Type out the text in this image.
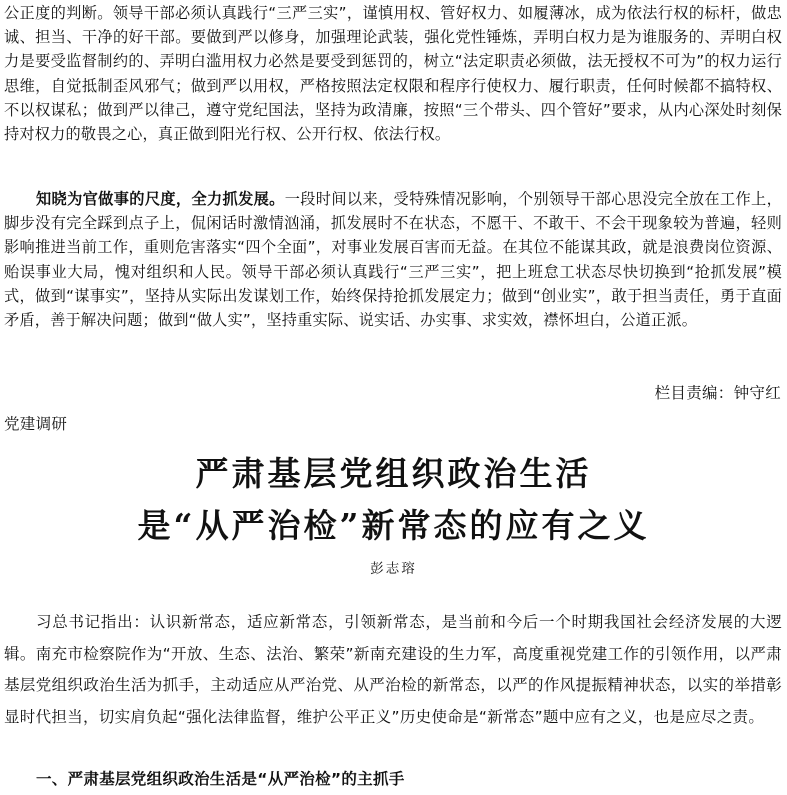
公正度的判断。领导干部必须认真践行“三严三实”，谨慎用权、管好权力、如履薄冰，成为依法行权的标杆，做忠诚、担当、干净的好干部。要做到严以修身，加强理论武装，强化党性锤炼，弄明白权力是为谁服务的、弄明白权力是要受监督制约的、弄明白滥用权力必然是要受到惩罚的，树立“法定职责必须做，法无授权不可为”的权力运行思维，自觉抵制歪风邪气；做到严以用权，严格按照法定权限和程序行使权力、履行职责，任何时候都不搞特权、不以权谋私；做到严以律己，遵守党纪国法，坚持为政清廉，按照“三个带头、四个管好”要求，从内心深处时刻保持对权力的敬畏之心，真正做到阳光行权、公开行权、依法行权。

知晓为官做事的尺度，全力抓发展。一段时间以来，受特殊情况影响，个别领导干部心思没完全放在工作上，脚步没有完全踩到点子上，侃闲话时激情汹涌，抓发展时不在状态，不愿干、不敢干、不会干现象较为普遍，轻则影响推进当前工作，重则危害落实“四个全面”，对事业发展百害而无益。在其位不能谋其政，就是浪费岗位资源、贻误事业大局，愧对组织和人民。领导干部必须认真践行“三严三实”，把上班怠工状态尽快切换到“抢抓发展”模式，做到“谋事实”，坚持从实际出发谋划工作，始终保持抢抓发展定力；做到“创业实”，敢于担当责任，勇于直面矛盾，善于解决问题；做到“做人实”，坚持重实际、说实话、办实事、求实效，襟怀坦白，公道正派。

栏目责编：钟守红
党建调研
严肃基层党组织政治生活
是“从严治检”新常态的应有之义
彭志瑢

习总书记指出：认识新常态，适应新常态，引领新常态，是当前和今后一个时期我国社会经济发展的大逻辑。南充市检察院作为“开放、生态、法治、繁荣”新南充建设的生力军，高度重视党建工作的引领作用，以严肃基层党组织政治生活为抓手，主动适应从严治党、从严治检的新常态，以严的作风提振精神状态，以实的举措彰显时代担当，切实肩负起“强化法律监督，维护公平正义”历史使命是“新常态”题中应有之义，也是应尽之责。

一、严肃基层党组织政治生活是“从严治检”的主抓手
